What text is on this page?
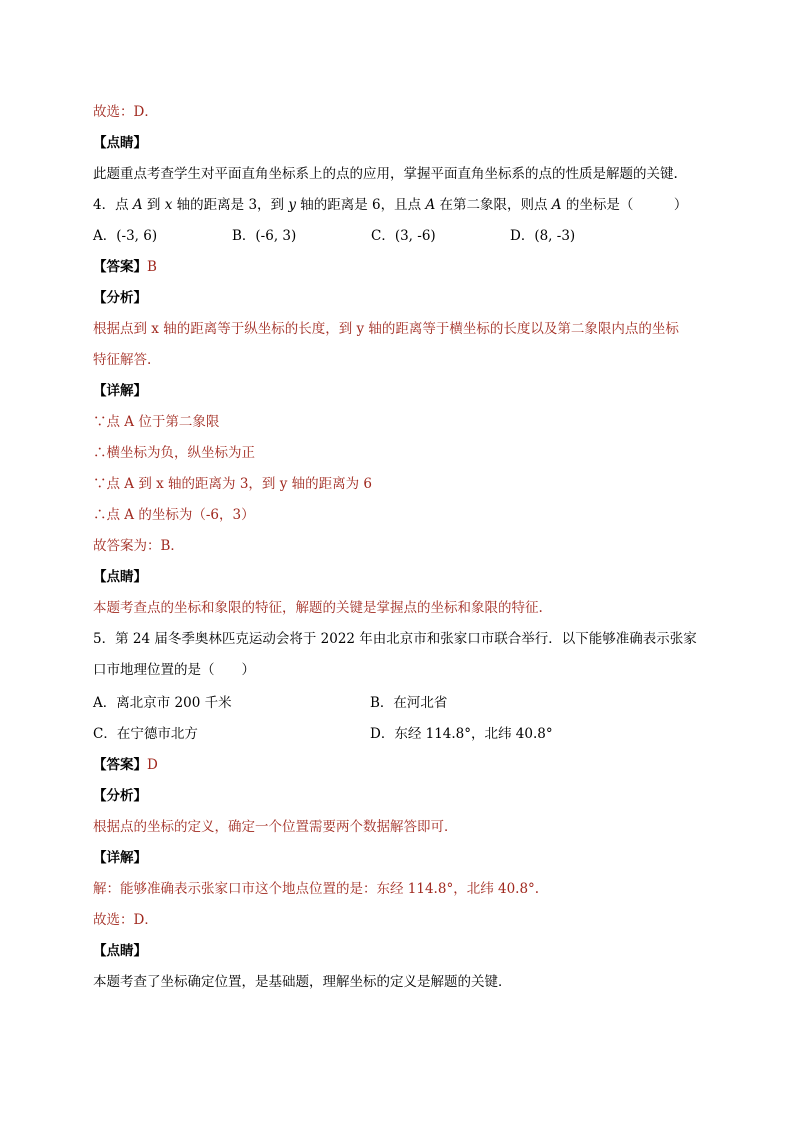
故选：D．
【点睛】
此题重点考查学生对平面直角坐标系上的点的应用，掌握平面直角坐标系的点的性质是解题的关键.
4．点 A 到 x 轴的距离是 3，到 y 轴的距离是 6，且点 A 在第二象限，则点 A 的坐标是（　　　）
A．(-3, 6)	B．(-6, 3)	C．(3, -6)	D．(8, -3)
【答案】B
【分析】
根据点到 x 轴的距离等于纵坐标的长度，到 y 轴的距离等于横坐标的长度以及第二象限内点的坐标
特征解答.
【详解】
∵点 A 位于第二象限
∴横坐标为负，纵坐标为正
∵点 A 到 x 轴的距离为 3，到 y 轴的距离为 6
∴点 A 的坐标为（-6，3）
故答案为：B．
【点睛】
本题考查点的坐标和象限的特征，解题的关键是掌握点的坐标和象限的特征.
5．第 24 届冬季奥林匹克运动会将于 2022 年由北京市和张家口市联合举行．以下能够准确表示张家
口市地理位置的是（　　）
A．离北京市 200 千米	B．在河北省
C．在宁德市北方	D．东经 114.8°，北纬 40.8°
【答案】D
【分析】
根据点的坐标的定义，确定一个位置需要两个数据解答即可．
【详解】
解：能够准确表示张家口市这个地点位置的是：东经 114.8°，北纬 40.8°.
故选：D．
【点睛】
本题考查了坐标确定位置，是基础题，理解坐标的定义是解题的关键．
